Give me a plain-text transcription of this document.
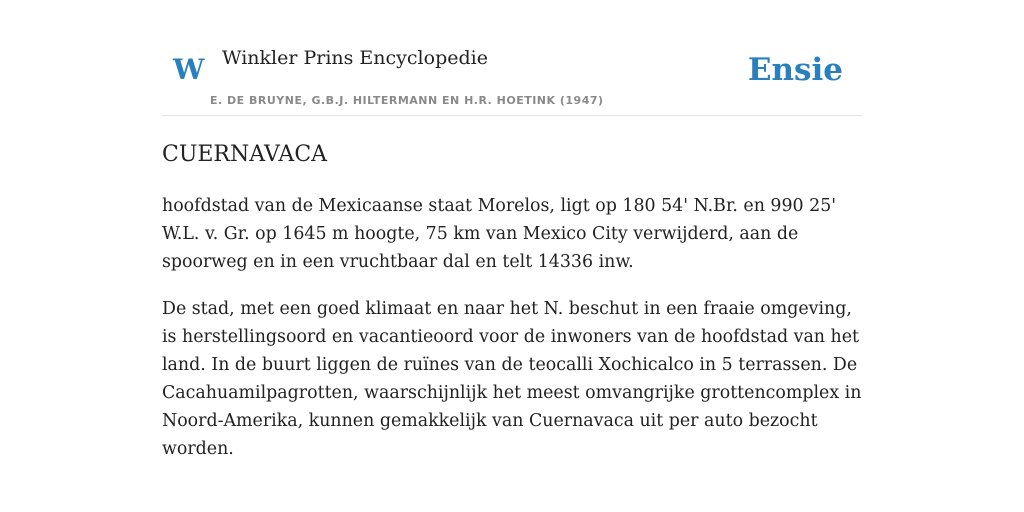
W Winkler Prins Encyclopedie
E. DE BRUYNE, G.B.J. HILTERMANN EN H.R. HOETINK (1947)
Ensie
CUERNAVACA

hoofdstad van de Mexicaanse staat Morelos, ligt op 180 54' N.Br. en 990 25' W.L. v. Gr. op 1645 m hoogte, 75 km van Mexico City verwijderd, aan de spoorweg en in een vruchtbaar dal en telt 14336 inw.

De stad, met een goed klimaat en naar het N. beschut in een fraaie omgeving, is herstellingsoord en vacantieoord voor de inwoners van de hoofdstad van het land. In de buurt liggen de ruïnes van de teocalli Xochicalco in 5 terrassen. De Cacahuamilpagrotten, waarschijnlijk het meest omvangrijke grottencomplex in Noord-Amerika, kunnen gemakkelijk van Cuernavaca uit per auto bezocht worden.
